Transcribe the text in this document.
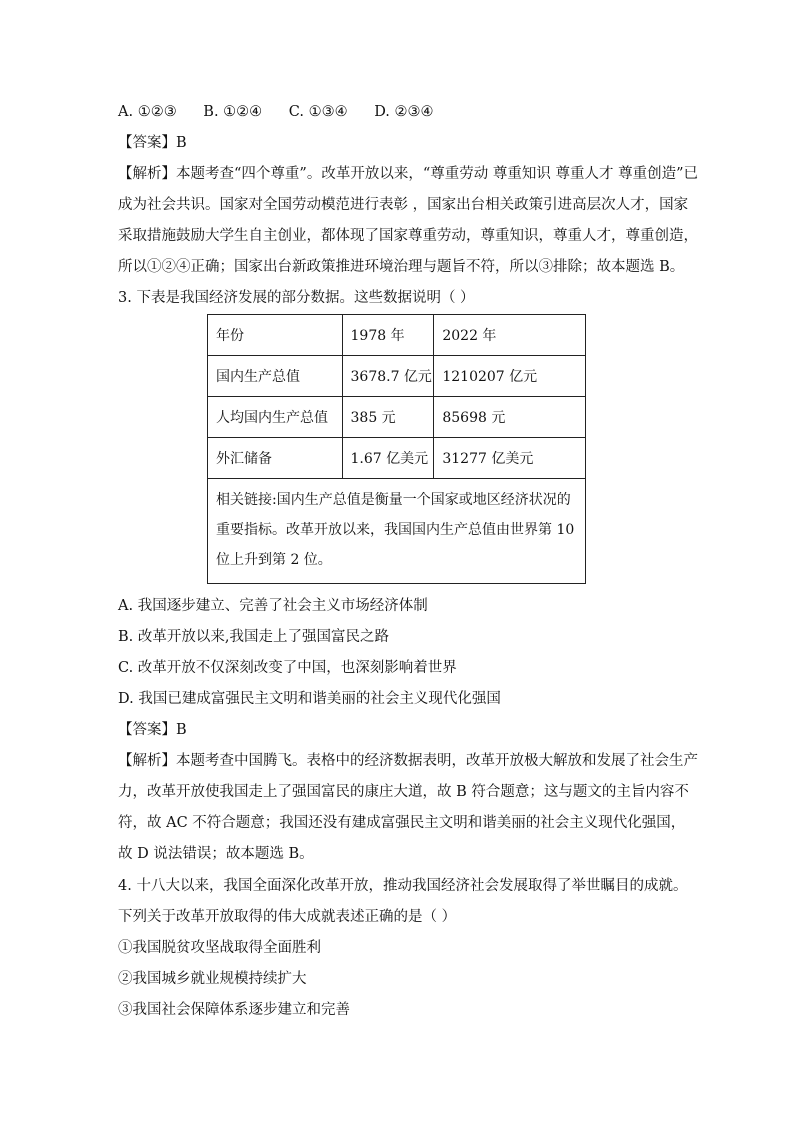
A. ①②③ B. ①②④ C. ①③④ D. ②③④
【答案】B
【解析】本题考查“四个尊重”。改革开放以来，“尊重劳动 尊重知识 尊重人才 尊重创造”已
成为社会共识。国家对全国劳动模范进行表彰 ，国家出台相关政策引进高层次人才，国家
采取措施鼓励大学生自主创业，都体现了国家尊重劳动，尊重知识，尊重人才，尊重创造，
所以①②④正确；国家出台新政策推进环境治理与题旨不符，所以③排除；故本题选 B。
3. 下表是我国经济发展的部分数据。这些数据说明（ ）
年份	1978 年	2022 年
国内生产总值	3678.7 亿元	1210207 亿元
人均国内生产总值	385 元	85698 元
外汇储备	1.67 亿美元	31277 亿美元
相关链接:国内生产总值是衡量一个国家或地区经济状况的重要指标。改革开放以来，我国国内生产总值由世界第 10 位上升到第 2 位。		
A. 我国逐步建立、完善了社会主义市场经济体制
B. 改革开放以来,我国走上了强国富民之路
C. 改革开放不仅深刻改变了中国，也深刻影响着世界
D. 我国已建成富强民主文明和谐美丽的社会主义现代化强国
【答案】B
【解析】本题考查中国腾飞。表格中的经济数据表明，改革开放极大解放和发展了社会生产
力，改革开放使我国走上了强国富民的康庄大道，故 B 符合题意；这与题文的主旨内容不
符，故 AC 不符合题意；我国还没有建成富强民主文明和谐美丽的社会主义现代化强国，
故 D 说法错误；故本题选 B。
4. 十八大以来，我国全面深化改革开放，推动我国经济社会发展取得了举世瞩目的成就。
下列关于改革开放取得的伟大成就表述正确的是（ ）
①我国脱贫攻坚战取得全面胜利
②我国城乡就业规模持续扩大
③我国社会保障体系逐步建立和完善
